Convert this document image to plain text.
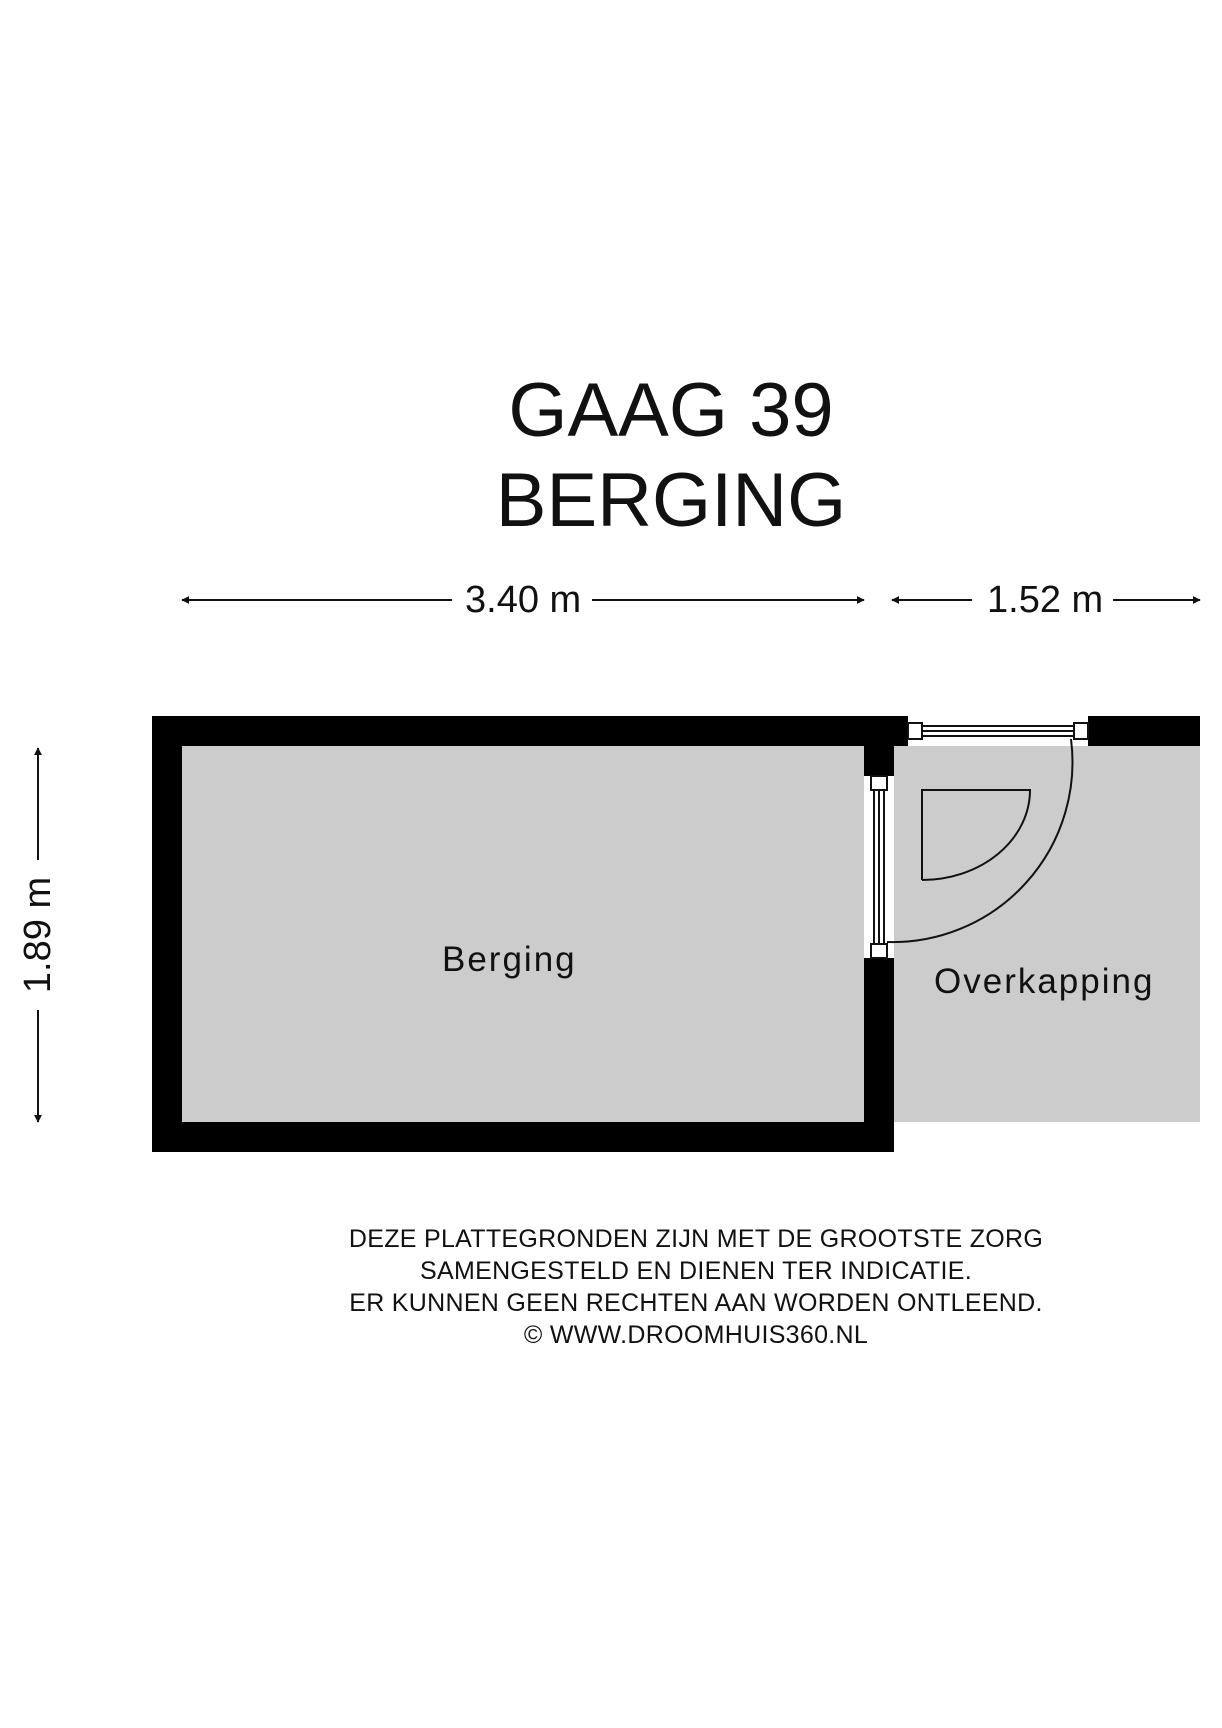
GAAG 39
BERGING
1.89 m
3.40 m	1.52 m
Berging
Overkapping
DEZE PLATTEGRONDEN ZIJN MET DE GROOTSTE ZORG
SAMENGESTELD EN DIENEN TER INDICATIE.
ER KUNNEN GEEN RECHTEN AAN WORDEN ONTLEEND.
© WWW.DROOMHUIS360.NL
